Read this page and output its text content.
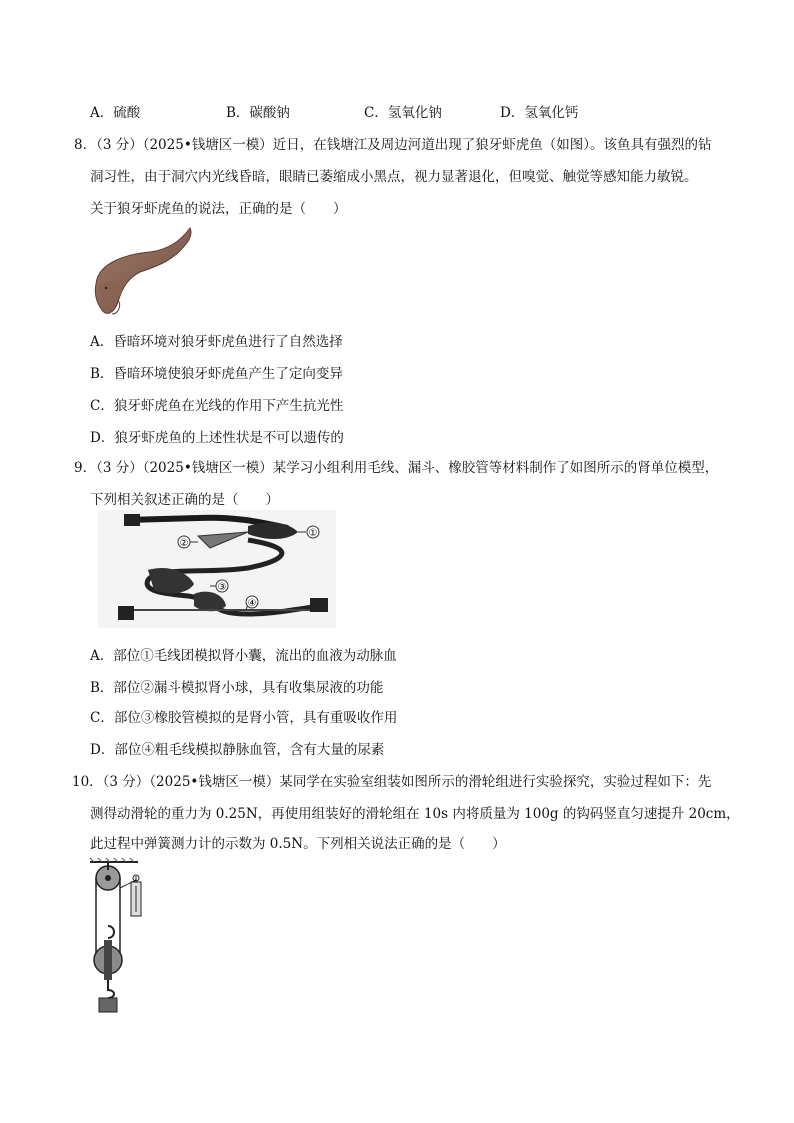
A．硫酸	B．碳酸钠	C．氢氧化钠	D．氢氧化钙
8．（3 分）（2025•钱塘区一模）近日，在钱塘江及周边河道出现了狼牙虾虎鱼（如图）。该鱼具有强烈的钻
洞习性，由于洞穴内光线昏暗，眼睛已萎缩成小黑点，视力显著退化，但嗅觉、触觉等感知能力敏锐。
关于狼牙虾虎鱼的说法，正确的是（　　）
A．昏暗环境对狼牙虾虎鱼进行了自然选择
B．昏暗环境使狼牙虾虎鱼产生了定向变异
C．狼牙虾虎鱼在光线的作用下产生抗光性
D．狼牙虾虎鱼的上述性状是不可以遗传的
9．（3 分）（2025•钱塘区一模）某学习小组利用毛线、漏斗、橡胶管等材料制作了如图所示的肾单位模型，
下列相关叙述正确的是（　　）
①
②
③
④
A．部位①毛线团模拟肾小囊，流出的血液为动脉血
B．部位②漏斗模拟肾小球，具有收集尿液的功能
C．部位③橡胶管模拟的是肾小管，具有重吸收作用
D．部位④粗毛线模拟静脉血管，含有大量的尿素
10．（3 分）（2025•钱塘区一模）某同学在实验室组装如图所示的滑轮组进行实验探究，实验过程如下：先
测得动滑轮的重力为 0.25N，再使用组装好的滑轮组在 10s 内将质量为 100g 的钩码竖直匀速提升 20cm，
此过程中弹簧测力计的示数为 0.5N。下列相关说法正确的是（　　）
